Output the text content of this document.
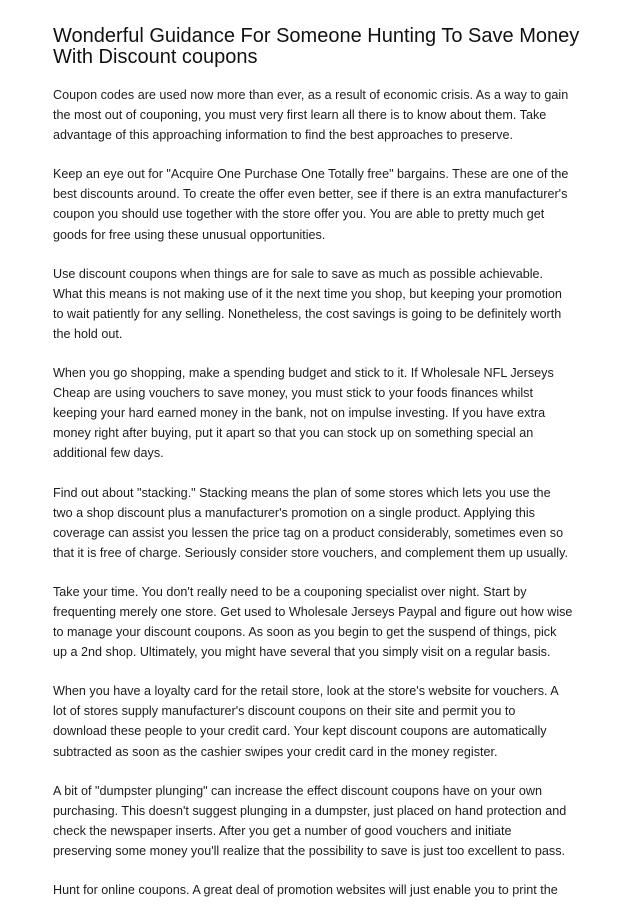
Wonderful Guidance For Someone Hunting To Save Money
With Discount coupons

Coupon codes are used now more than ever, as a result of economic crisis. As a way to gain
the most out of couponing, you must very first learn all there is to know about them. Take
advantage of this approaching information to find the best approaches to preserve.

Keep an eye out for "Acquire One Purchase One Totally free" bargains. These are one of the
best discounts around. To create the offer even better, see if there is an extra manufacturer's
coupon you should use together with the store offer you. You are able to pretty much get
goods for free using these unusual opportunities.

Use discount coupons when things are for sale to save as much as possible achievable.
What this means is not making use of it the next time you shop, but keeping your promotion
to wait patiently for any selling. Nonetheless, the cost savings is going to be definitely worth
the hold out.

When you go shopping, make a spending budget and stick to it. If Wholesale NFL Jerseys
Cheap are using vouchers to save money, you must stick to your foods finances whilst
keeping your hard earned money in the bank, not on impulse investing. If you have extra
money right after buying, put it apart so that you can stock up on something special an
additional few days.

Find out about "stacking." Stacking means the plan of some stores which lets you use the
two a shop discount plus a manufacturer's promotion on a single product. Applying this
coverage can assist you lessen the price tag on a product considerably, sometimes even so
that it is free of charge. Seriously consider store vouchers, and complement them up usually.

Take your time. You don't really need to be a couponing specialist over night. Start by
frequenting merely one store. Get used to Wholesale Jerseys Paypal and figure out how wise
to manage your discount coupons. As soon as you begin to get the suspend of things, pick
up a 2nd shop. Ultimately, you might have several that you simply visit on a regular basis.

When you have a loyalty card for the retail store, look at the store's website for vouchers. A
lot of stores supply manufacturer's discount coupons on their site and permit you to
download these people to your credit card. Your kept discount coupons are automatically
subtracted as soon as the cashier swipes your credit card in the money register.

A bit of "dumpster plunging" can increase the effect discount coupons have on your own
purchasing. This doesn't suggest plunging in a dumpster, just placed on hand protection and
check the newspaper inserts. After you get a number of good vouchers and initiate
preserving some money you'll realize that the possibility to save is just too excellent to pass.

Hunt for online coupons. A great deal of promotion websites will just enable you to print the
